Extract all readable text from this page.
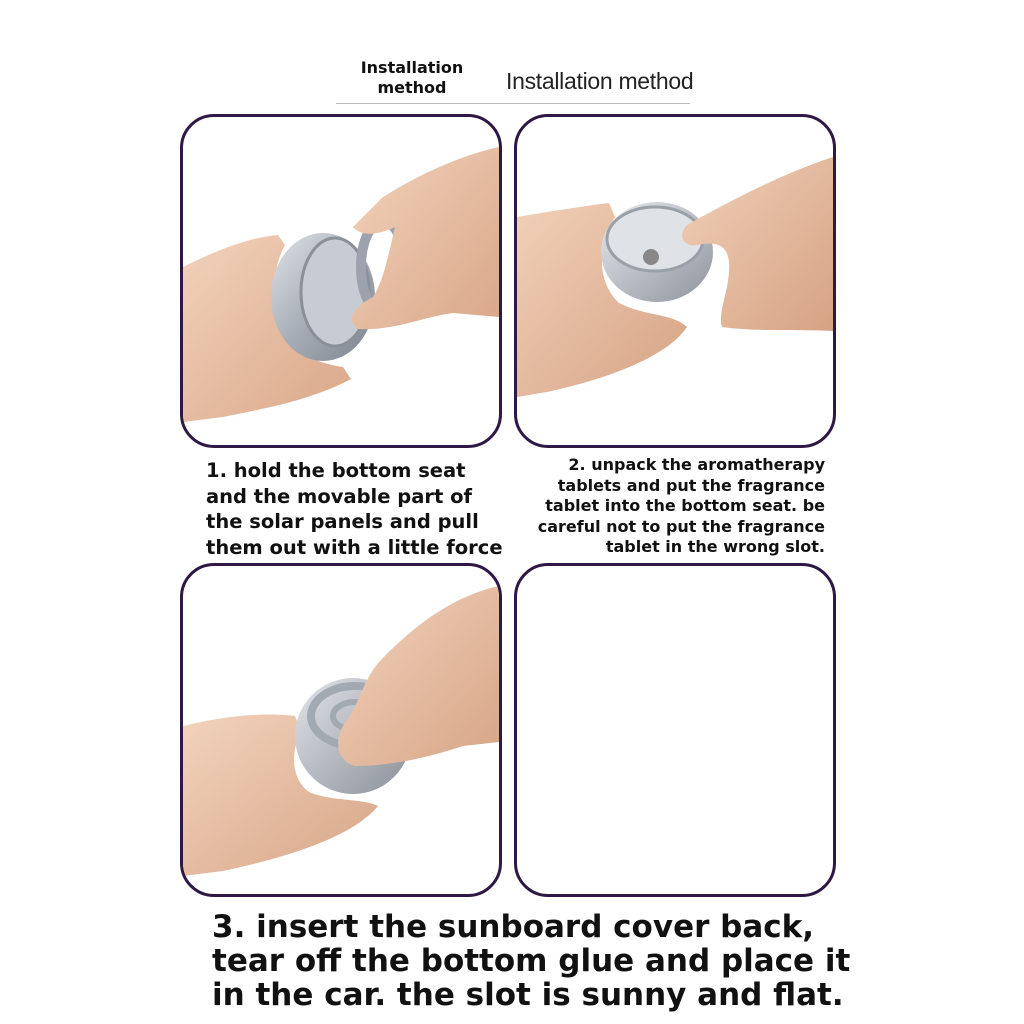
Installation
method	Installation method
1. hold the bottom seat
and the movable part of
the solar panels and pull
them out with a little force
2. unpack the aromatherapy
tablets and put the fragrance
tablet into the bottom seat. be
careful not to put the fragrance
tablet in the wrong slot.
3. insert the sunboard cover back,
tear off the bottom glue and place it
in the car. the slot is sunny and flat.
